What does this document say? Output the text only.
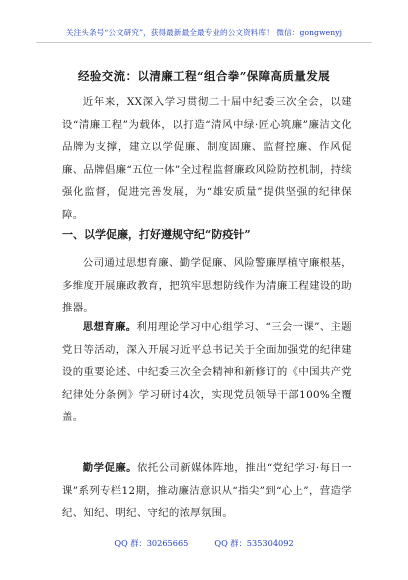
关注头条号“公文研究”，获得最新最全最专业的公文资料库！ 微信：gongwenyj
经验交流：以清廉工程“组合拳”保障高质量发展

近年来，XX深入学习贯彻二十届中纪委三次全会，以建设“清廉工程”为载体，以打造“清风中绿·匠心筑廉”廉洁文化品牌为支撑，建立以学促廉、制度固廉、监督控廉、作风促廉、品牌倡廉“五位一体”全过程监督廉政风险防控机制，持续强化监督，促进完善发展，为“雄安质量”提供坚强的纪律保障。

一、以学促廉，打好遵规守纪“防疫针”

公司通过思想育廉、勤学促廉、风险警廉厚植守廉根基，多维度开展廉政教育，把筑牢思想防线作为清廉工程建设的助推器。

思想育廉。利用理论学习中心组学习、“三会一课”、主题党日等活动，深入开展习近平总书记关于全面加强党的纪律建设的重要论述、中纪委三次全会精神和新修订的《中国共产党纪律处分条例》学习研讨4次，实现党员领导干部100%全覆盖。

勤学促廉。依托公司新媒体阵地，推出“党纪学习·每日一课”系列专栏12期，推动廉洁意识从“指尖”到“心上”，营造学纪、知纪、明纪、守纪的浓厚氛围。

QQ 群：30265665	QQ 群：535304092
